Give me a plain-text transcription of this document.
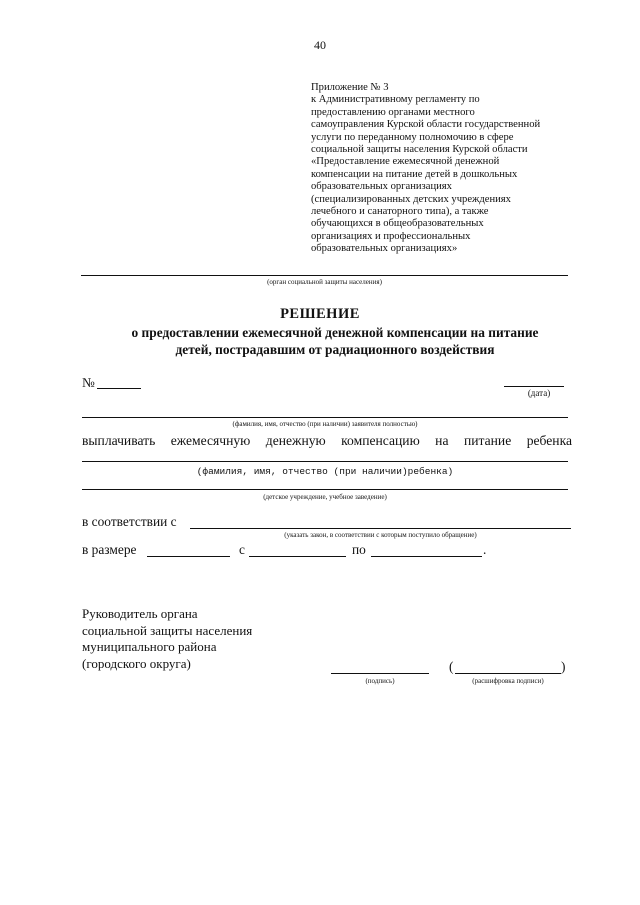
40
Приложение № 3
к Административному регламенту по
предоставлению органами местного
самоуправления Курской области государственной
услуги по переданному полномочию в сфере
социальной защиты населения Курской области
«Предоставление ежемесячной денежной
компенсации на питание детей в дошкольных
образовательных организациях
(специализированных детских учреждениях
лечебного и санаторного типа), а также
обучающихся в общеобразовательных
организациях и профессиональных
образовательных организациях»
(орган социальной защиты населения)
РЕШЕНИЕ
о предоставлении ежемесячной денежной компенсации на питание
детей, пострадавшим от радиационного воздействия
№
(дата)
(фамилия, имя, отчество (при наличии) заявителя полностью)
выплачивать ежемесячную денежную компенсацию на питание ребенка
(фамилия, имя, отчество (при наличии)ребенка)
(детское учреждение, учебное заведение)
в соответствии с
(указать закон, в соответствии с которым поступило обращение)
в размере	с	по	.
Руководитель органа
социальной защиты населения
муниципального района
(городского округа)
(подпись)
(	)
(расшифровка подписи)
